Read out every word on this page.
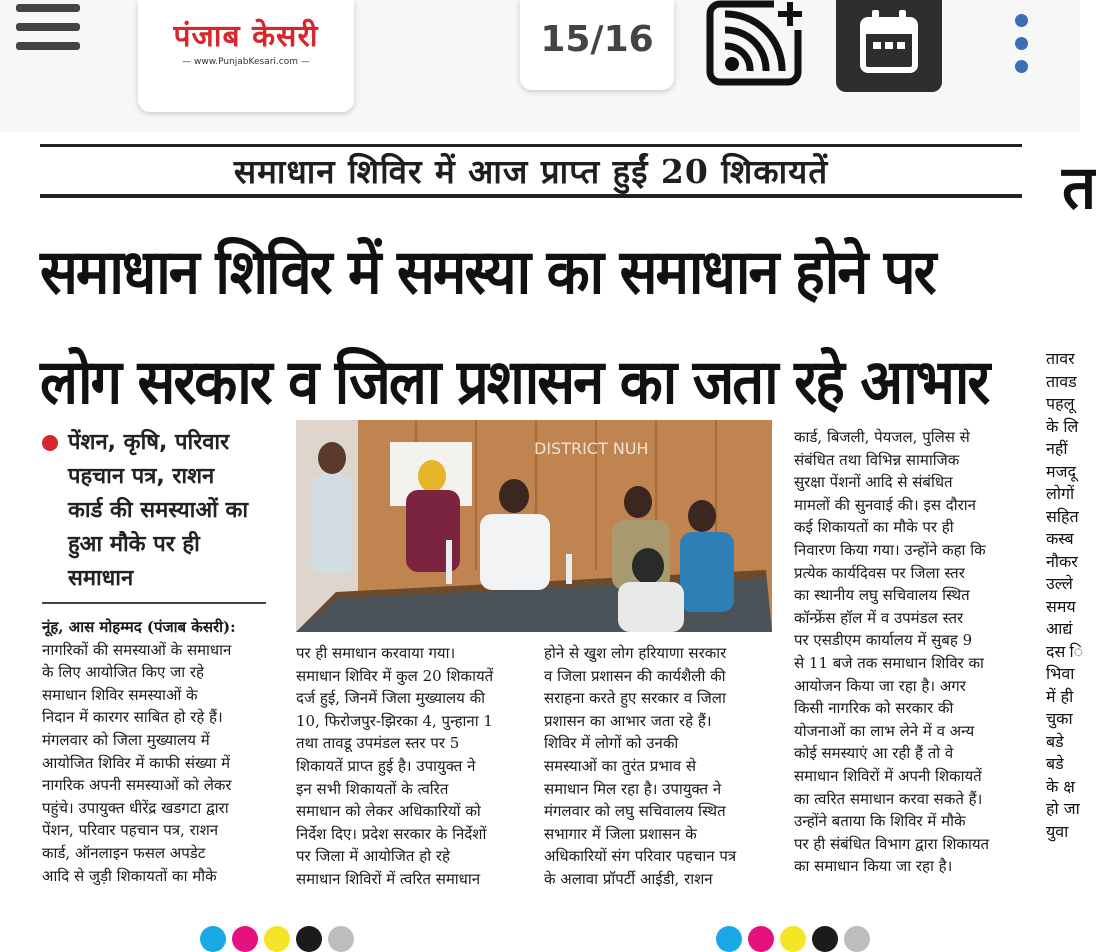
पंजाब केसरी
— www.PunjabKesari.com —
15/16
समाधान शिविर में आज प्राप्त हुईं 20 शिकायतें
समाधान शिविर में समस्या का समाधान होने पर
लोग सरकार व जिला प्रशासन का जता रहे आभार
पेंशन, कृषि, परिवार
पहचान पत्र, राशन
कार्ड की समस्याओं का
हुआ मौके पर ही
समाधान
DISTRICT NUH

नूंह, आस मोहम्मद (पंजाब केसरी):

नागरिकों की समस्याओं के समाधान

के लिए आयोजित किए जा रहे

समाधान शिविर समस्याओं के

निदान में कारगर साबित हो रहे हैं।

मंगलवार को जिला मुख्यालय में

आयोजित शिविर में काफी संख्या में

नागरिक अपनी समस्याओं को लेकर

पहुंचे। उपायुक्त धीरेंद्र खडगटा द्वारा

पेंशन, परिवार पहचान पत्र, राशन

कार्ड, ऑनलाइन फसल अपडेट

आदि से जुड़ी शिकायतों का मौके

पर ही समाधान करवाया गया।

समाधान शिविर में कुल 20 शिकायतें

दर्ज हुई, जिनमें जिला मुख्यालय की

10, फिरोजपुर-झिरका 4, पुन्हाना 1

तथा तावडू उपमंडल स्तर पर 5

शिकायतें प्राप्त हुई है। उपायुक्त ने

इन सभी शिकायतों के त्वरित

समाधान को लेकर अधिकारियों को

निर्देश दिए। प्रदेश सरकार के निर्देशों

पर जिला में आयोजित हो रहे

समाधान शिविरों में त्वरित समाधान

होने से खुश लोग हरियाणा सरकार

व जिला प्रशासन की कार्यशैली की

सराहना करते हुए सरकार व जिला

प्रशासन का आभार जता रहे हैं।

शिविर में लोगों को उनकी

समस्याओं का तुरंत प्रभाव से

समाधान मिल रहा है। उपायुक्त ने

मंगलवार को लघु सचिवालय स्थित

सभागार में जिला प्रशासन के

अधिकारियों संग परिवार पहचान पत्र

के अलावा प्रॉपर्टी आईडी, राशन

कार्ड, बिजली, पेयजल, पुलिस से

संबंधित तथा विभिन्न सामाजिक

सुरक्षा पेंशनों आदि से संबंधित

मामलों की सुनवाई की। इस दौरान

कई शिकायतों का मौके पर ही

निवारण किया गया। उन्होंने कहा कि

प्रत्येक कार्यदिवस पर जिला स्तर

का स्थानीय लघु सचिवालय स्थित

कॉन्फ्रेंस हॉल में व उपमंडल स्तर

पर एसडीएम कार्यालय में सुबह 9

से 11 बजे तक समाधान शिविर का

आयोजन किया जा रहा है। अगर

किसी नागरिक को सरकार की

योजनाओं का लाभ लेने में व अन्य

कोई समस्याएं आ रही हैं तो वे

समाधान शिविरों में अपनी शिकायतें

का त्वरित समाधान करवा सकते हैं।

उन्होंने बताया कि शिविर में मौके

पर ही संबंधित विभाग द्वारा शिकायत

का समाधान किया जा रहा है।

त
तावर
तावड
पहलू
के लि
नहीं
मजदू
लोगों
सहित
कस्ब
नौकर
उल्ले
समय
आद्यं
दस ि
भिवा
में ही
चुका
बडे
बडे
के क्ष
हो जा
युवा
